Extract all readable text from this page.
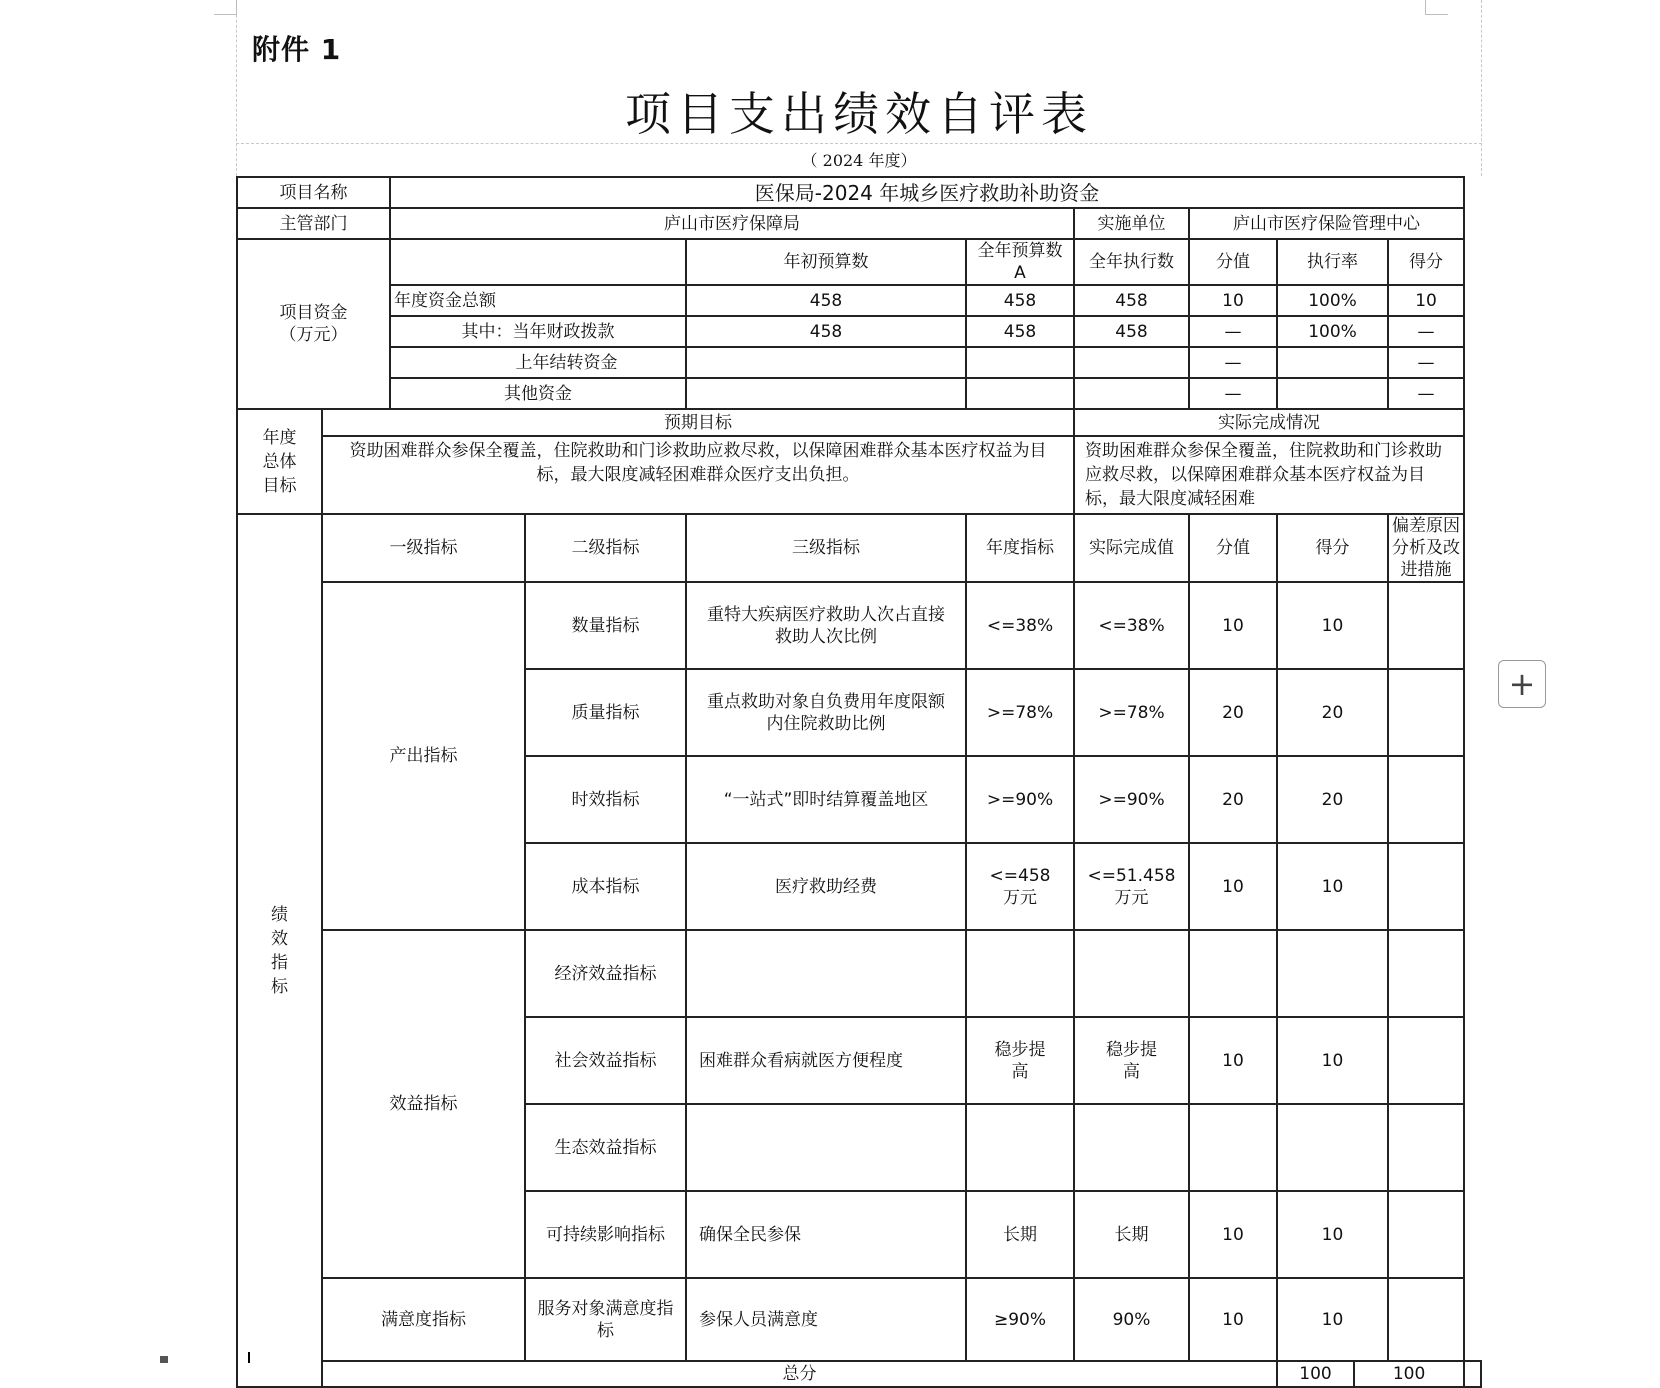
附件 1
项目支出绩效自评表
（ 2024 年度）
项目名称	医保局-2024 年城乡医疗救助补助资金
主管部门	庐山市医疗保障局	实施单位	庐山市医疗保险管理中心
项目资金
（万元）		年初预算数	全年预算数 A	全年执行数	分值	执行率	得分
年度资金总额	458	458	458	10	100%	10
其中：当年财政拨款	458	458	458	—	100%	—
上年结转资金				—		—
其他资金				—		—

年度
总体
目标
	预期目标	实际完成情况
资助困难群众参保全覆盖，住院救助和门诊救助应救尽救，以保障困难群众基本医疗权益为目标，最大限度减轻困难群众医疗支出负担。	资助困难群众参保全覆盖，住院救助和门诊救助应救尽救，以保障困难群众基本医疗权益为目标，最大限度减轻困难

绩
效
指
标
	一级指标	二级指标	三级指标	年度指标	实际完成值	分值	得分	偏差原因分析及改进措施
产出指标	数量指标	重特大疾病医疗救助人次占直接救助人次比例	<=38%	<=38%	10	10	
质量指标	重点救助对象自负费用年度限额内住院救助比例	>=78%	>=78%	20	20	
时效指标	“一站式”即时结算覆盖地区	>=90%	>=90%	20	20	
成本指标	医疗救助经费	<=458 万元	<=51.458 万元	10	10	
效益指标	经济效益指标						
社会效益指标	困难群众看病就医方便程度	稳步提高	稳步提高	10	10	
生态效益指标						
可持续影响指标	确保全民参保	长期	长期	10	10	
满意度指标	服务对象满意度指标	参保人员满意度	≥90%	90%	10	10	
总分	100	100	
+
